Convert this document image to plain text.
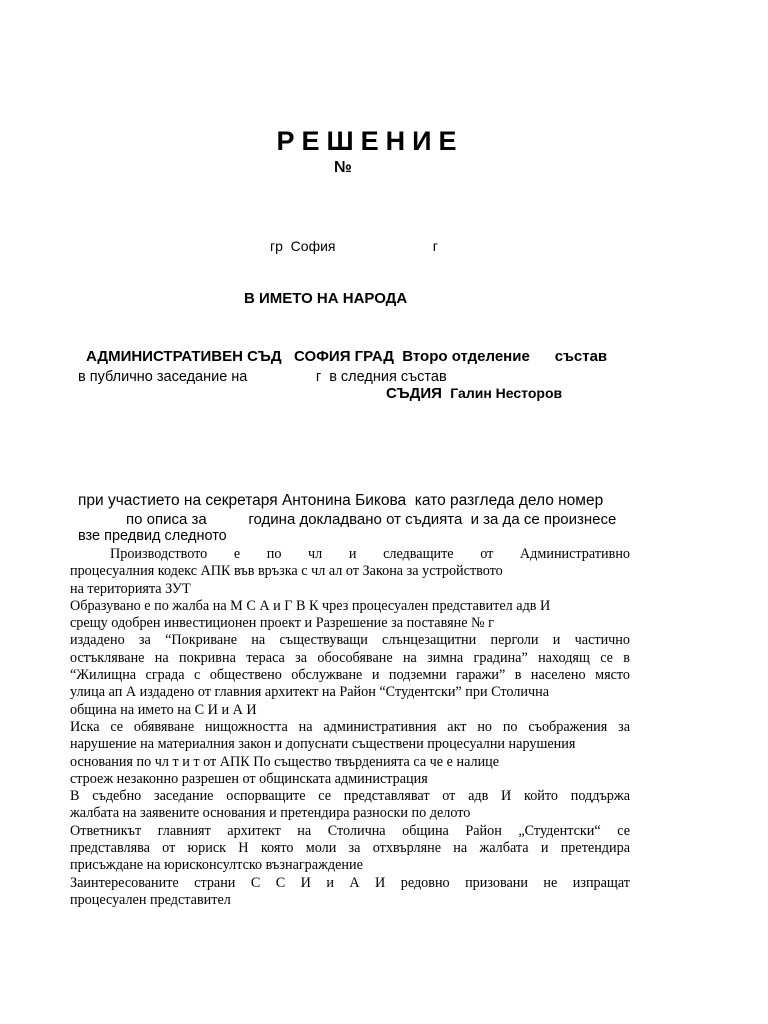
РЕШЕНИЕ
№
гр  София                         г
В ИМЕТО НА НАРОДА
АДМИНИСТРАТИВЕН СЪД   СОФИЯ ГРАД  Второ отделение      състав
в публично заседание на                 г  в следния състав
СЪДИЯ Галин Несторов
при участието на секретаря Антонина Бикова  като разгледа дело номер
по описа за          година докладвано от съдията  и за да се произнесе
взе предвид следното
Производството е по чл и следващите от Административно
процесуалния кодекс АПК във връзка с чл ал от Закона за устройството
на територията ЗУТ
Образувано е по жалба на М С А и Г В К чрез процесуален представител адв И
срещу одобрен инвестиционен проект и Разрешение за поставяне № г
издадено за “Покриване на съществуващи слънцезащитни перголи и частично
остъкляване на покривна тераса за обособяване на зимна градина” находящ се в
“Жилищна сграда с обществено обслужване и подземни гаражи” в населено място
улица ап А издадено от главния архитект на Район “Студентски” при Столична
община на името на С И и А И
Иска се обявяване нищожността на административния акт но по съображения за
нарушение на материалния закон и допуснати съществени процесуални нарушения
основания по чл т и т от АПК По същество твърденията са че е налице
строеж незаконно разрешен от общинската администрация
В съдебно заседание оспорващите се представляват от адв И който поддържа
жалбата на заявените основания и претендира разноски по делото
Ответникът главният архитект на Столична община Район „Студентски“ се
представлява от юриск Н която моли за отхвърляне на жалбата и претендира
присъждане на юрисконсултско възнаграждение
Заинтересованите страни С С И и А И редовно призовани не изпращат
процесуален представител
